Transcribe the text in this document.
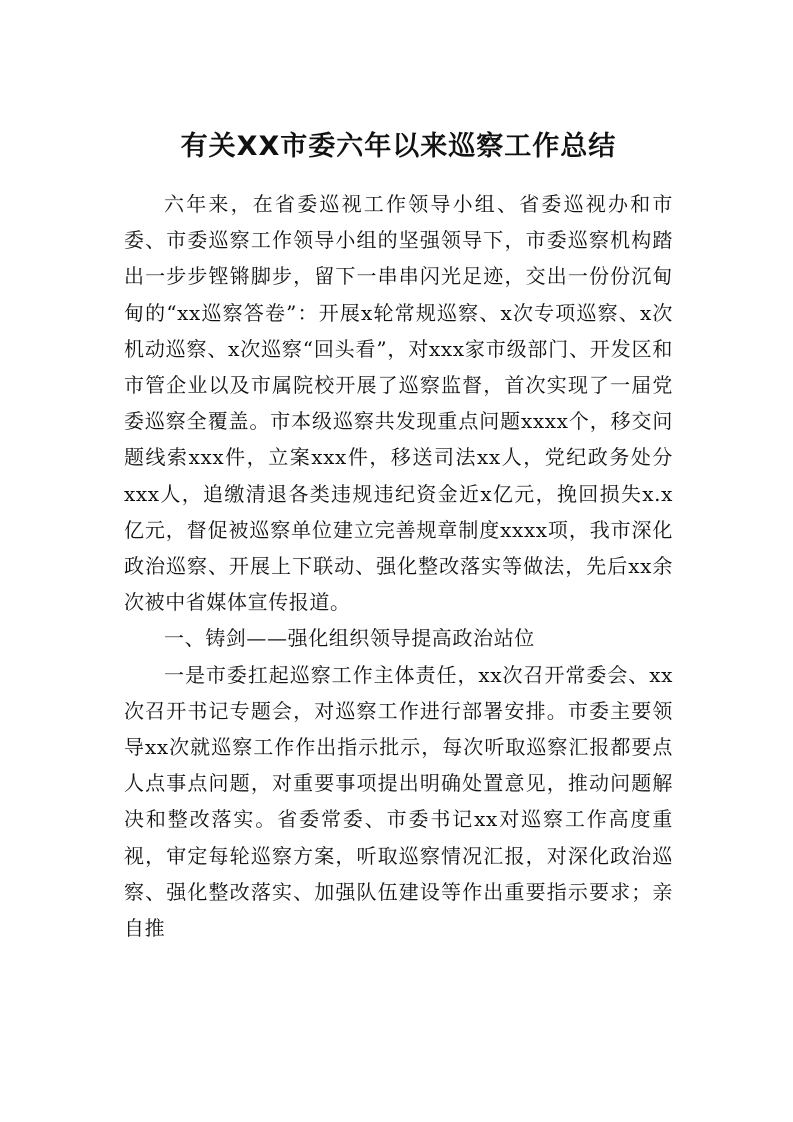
有关XX市委六年以来巡察工作总结

六年来，在省委巡视工作领导小组、省委巡视办和市委、市委巡察工作领导小组的坚强领导下，市委巡察机构踏出一步步铿锵脚步，留下一串串闪光足迹，交出一份份沉甸甸的“xx巡察答卷”：开展x轮常规巡察、x次专项巡察、x次机动巡察、x次巡察“回头看”，对xxx家市级部门、开发区和市管企业以及市属院校开展了巡察监督，首次实现了一届党委巡察全覆盖。市本级巡察共发现重点问题xxxx个，移交问题线索xxx件，立案xxx件，移送司法xx人，党纪政务处分xxx人，追缴清退各类违规违纪资金近x亿元，挽回损失x.x亿元，督促被巡察单位建立完善规章制度xxxx项，我市深化政治巡察、开展上下联动、强化整改落实等做法，先后xx余次被中省媒体宣传报道。

一、铸剑——强化组织领导提高政治站位

一是市委扛起巡察工作主体责任，xx次召开常委会、xx次召开书记专题会，对巡察工作进行部署安排。市委主要领导xx次就巡察工作作出指示批示，每次听取巡察汇报都要点人点事点问题，对重要事项提出明确处置意见，推动问题解决和整改落实。省委常委、市委书记xx对巡察工作高度重视，审定每轮巡察方案，听取巡察情况汇报，对深化政治巡察、强化整改落实、加强队伍建设等作出重要指示要求；亲自推
